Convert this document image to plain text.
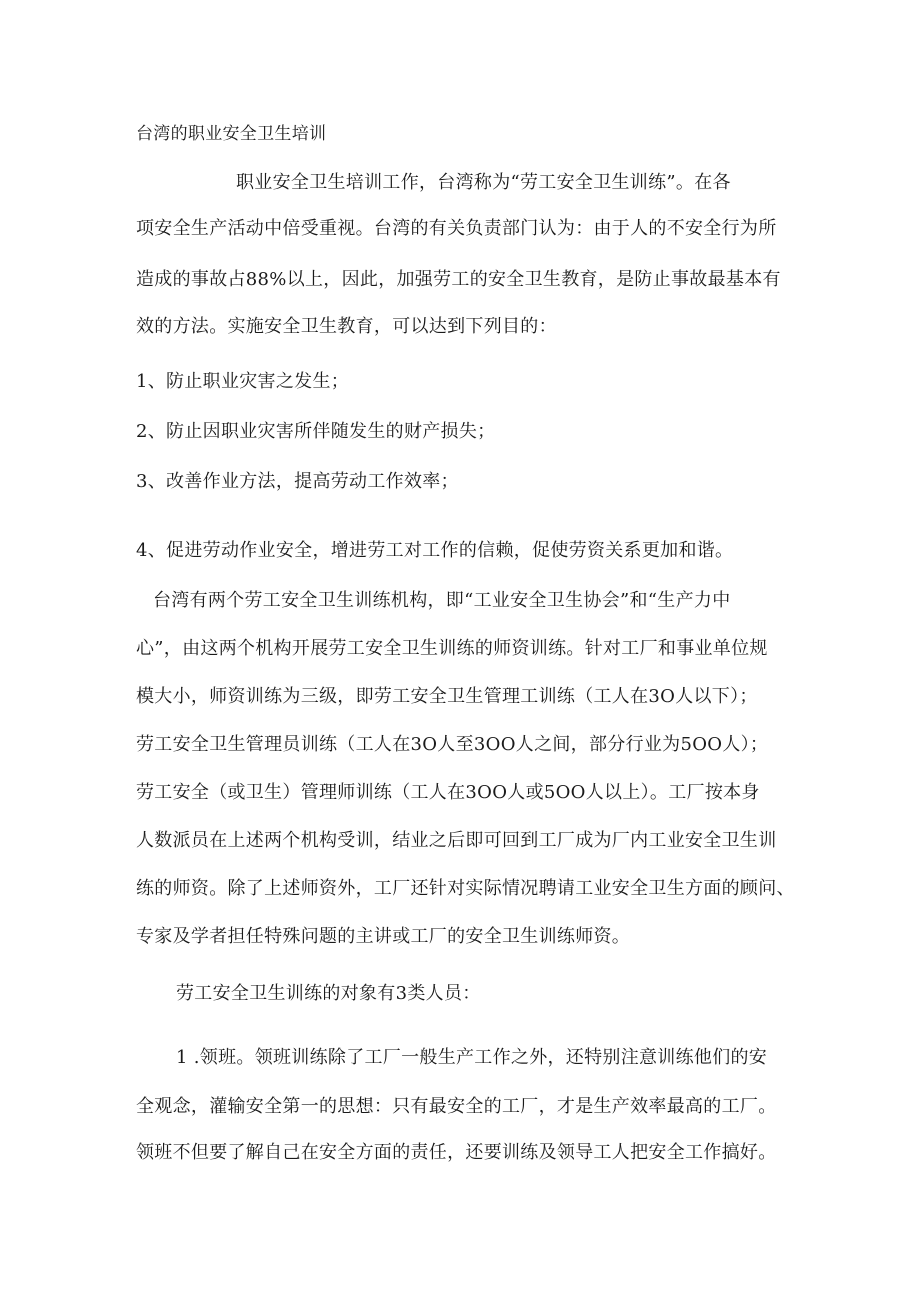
台湾的职业安全卫生培训

职业安全卫生培训工作，台湾称为“劳工安全卫生训练”。在各

项安全生产活动中倍受重视。台湾的有关负责部门认为：由于人的不安全行为所

造成的事故占88%以上，因此，加强劳工的安全卫生教育，是防止事故最基本有

效的方法。实施安全卫生教育，可以达到下列目的：

1、防止职业灾害之发生；

2、防止因职业灾害所伴随发生的财产损失；

3、改善作业方法，提高劳动工作效率；

4、促进劳动作业安全，增进劳工对工作的信赖，促使劳资关系更加和谐。

台湾有两个劳工安全卫生训练机构，即“工业安全卫生协会”和“生产力中

心”，由这两个机构开展劳工安全卫生训练的师资训练。针对工厂和事业单位规

模大小，师资训练为三级，即劳工安全卫生管理工训练（工人在3O人以下）；

劳工安全卫生管理员训练（工人在3O人至3OO人之间，部分行业为5OO人）；

劳工安全（或卫生）管理师训练（工人在3OO人或5OO人以上）。工厂按本身

人数派员在上述两个机构受训，结业之后即可回到工厂成为厂内工业安全卫生训

练的师资。除了上述师资外，工厂还针对实际情况聘请工业安全卫生方面的顾问、

专家及学者担任特殊问题的主讲或工厂的安全卫生训练师资。

劳工安全卫生训练的对象有3类人员：

1 .领班。领班训练除了工厂一般生产工作之外，还特别注意训练他们的安

全观念，灌输安全第一的思想：只有最安全的工厂，才是生产效率最高的工厂。

领班不但要了解自己在安全方面的责任，还要训练及领导工人把安全工作搞好。
